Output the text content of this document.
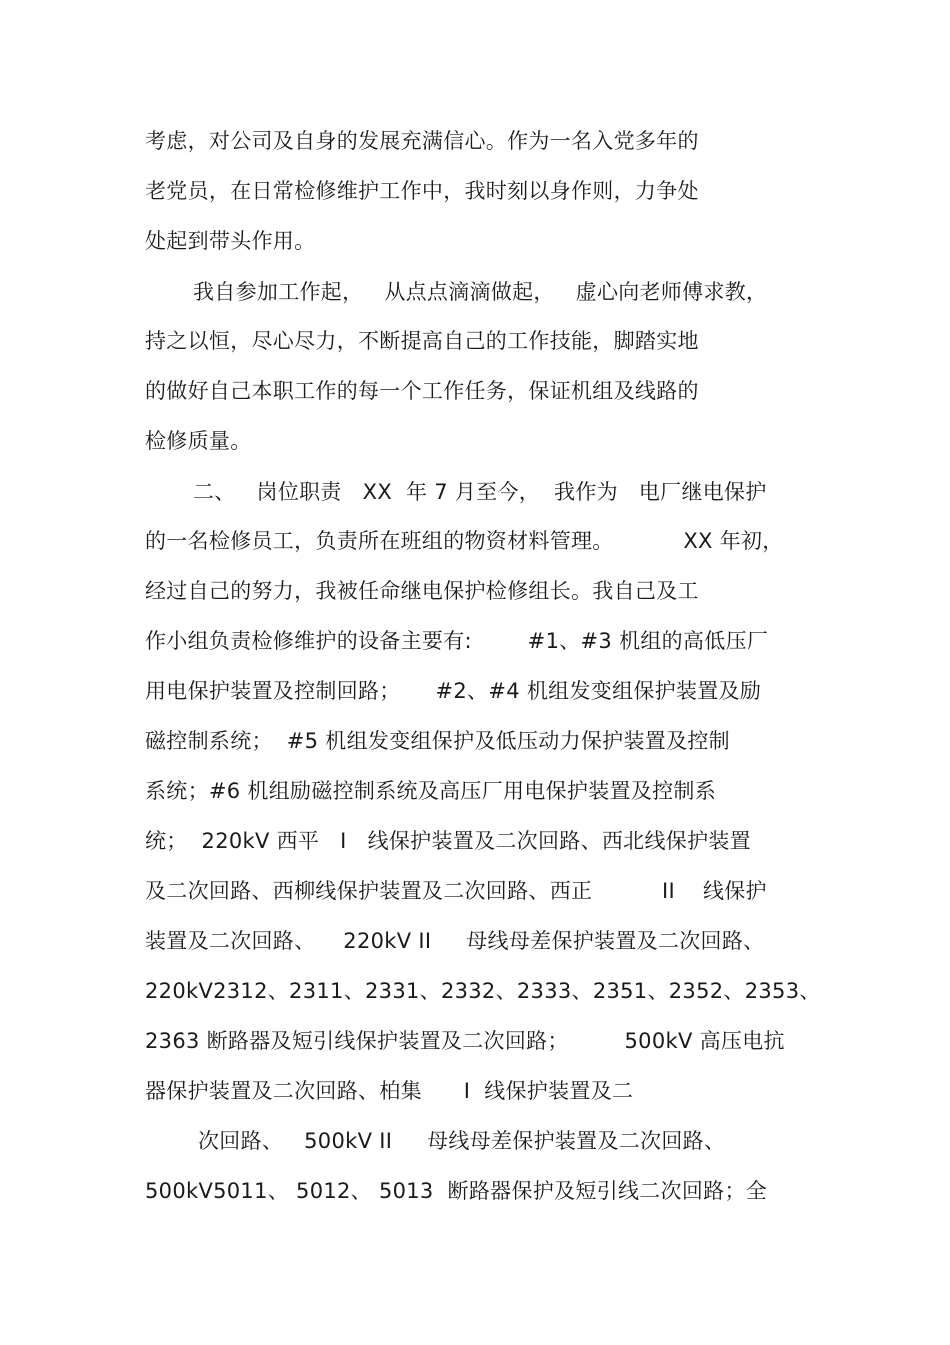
考虑，对公司及自身的发展充满信心。作为一名入党多年的
老党员，在日常检修维护工作中，我时刻以身作则，力争处
处起到带头作用。
我自参加工作起，   从点点滴滴做起，   虚心向老师傅求教，
持之以恒，尽心尽力，不断提高自己的工作技能，脚踏实地
的做好自己本职工作的每一个工作任务，保证机组及线路的
检修质量。
二、   岗位职责   XX  年 7 月至今，  我作为   电厂继电保护
的一名检修员工，负责所在班组的物资材料管理。          XX 年初，
经过自己的努力，我被任命继电保护检修组长。我自己及工
作小组负责检修维护的设备主要有:        #1、#3 机组的高低压厂
用电保护装置及控制回路；     #2、#4 机组发变组保护装置及励
磁控制系统；  #5 机组发变组保护及低压动力保护装置及控制
系统；#6 机组励磁控制系统及高压厂用电保护装置及控制系
统；  220kV 西平   I   线保护装置及二次回路、西北线保护装置
及二次回路、西柳线保护装置及二次回路、西正          II    线保护
装置及二次回路、    220kV II     母线母差保护装置及二次回路、
220kV2312、2311、2331、2332、2333、2351、2352、2353、
2363 断路器及短引线保护装置及二次回路；        500kV 高压电抗
器保护装置及二次回路、柏集      I  线保护装置及二
次回路、   500kV II     母线母差保护装置及二次回路、
500kV5011、 5012、 5013  断路器保护及短引线二次回路；全
